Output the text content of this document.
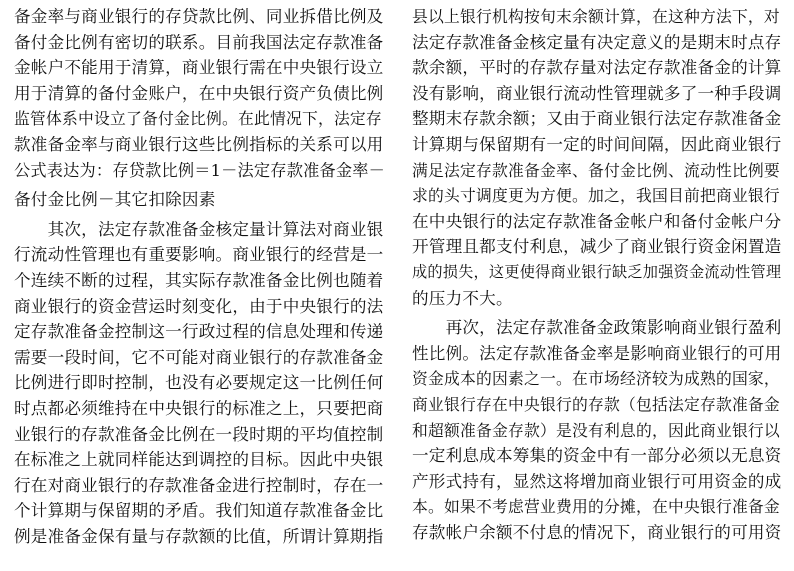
备金率与商业银行的存贷款比例、同业拆借比例及
备付金比例有密切的联系。目前我国法定存款准备
金帐户不能用于清算，商业银行需在中央银行设立
用于清算的备付金账户，在中央银行资产负债比例
监管体系中设立了备付金比例。在此情况下，法定存
款准备金率与商业银行这些比例指标的关系可以用
公式表达为：存贷款比例＝1－法定存款准备金率－
备付金比例－其它扣除因素
　　其次，法定存款准备金核定量计算法对商业银
行流动性管理也有重要影响。商业银行的经营是一
个连续不断的过程，其实际存款准备金比例也随着
商业银行的资金营运时刻变化，由于中央银行的法
定存款准备金控制这一行政过程的信息处理和传递
需要一段时间，它不可能对商业银行的存款准备金
比例进行即时控制，也没有必要规定这一比例任何
时点都必须维持在中央银行的标准之上，只要把商
业银行的存款准备金比例在一段时期的平均值控制
在标准之上就同样能达到调控的目标。因此中央银
行在对商业银行的存款准备金进行控制时，存在一
个计算期与保留期的矛盾。我们知道存款准备金比
例是准备金保有量与存款额的比值，所谓计算期指
县以上银行机构按旬末余额计算，在这种方法下，对
法定存款准备金核定量有决定意义的是期末时点存
款余额，平时的存款存量对法定存款准备金的计算
没有影响，商业银行流动性管理就多了一种手段调
整期末存款余额；又由于商业银行法定存款准备金
计算期与保留期有一定的时间间隔，因此商业银行
满足法定存款准备金率、备付金比例、流动性比例要
求的头寸调度更为方便。加之，我国目前把商业银行
在中央银行的法定存款准备金帐户和备付金帐户分
开管理且都支付利息，减少了商业银行资金闲置造
成的损失，这更使得商业银行缺乏加强资金流动性管理
的压力不大。
　　再次，法定存款准备金政策影响商业银行盈利
性比例。法定存款准备金率是影响商业银行的可用
资金成本的因素之一。在市场经济较为成熟的国家，
商业银行存在中央银行的存款（包括法定存款准备金
和超额准备金存款）是没有利息的，因此商业银行以
一定利息成本筹集的资金中有一部分必须以无息资
产形式持有，显然这将增加商业银行可用资金的成
本。如果不考虑营业费用的分摊，在中央银行准备金
存款帐户余额不付息的情况下，商业银行的可用资
